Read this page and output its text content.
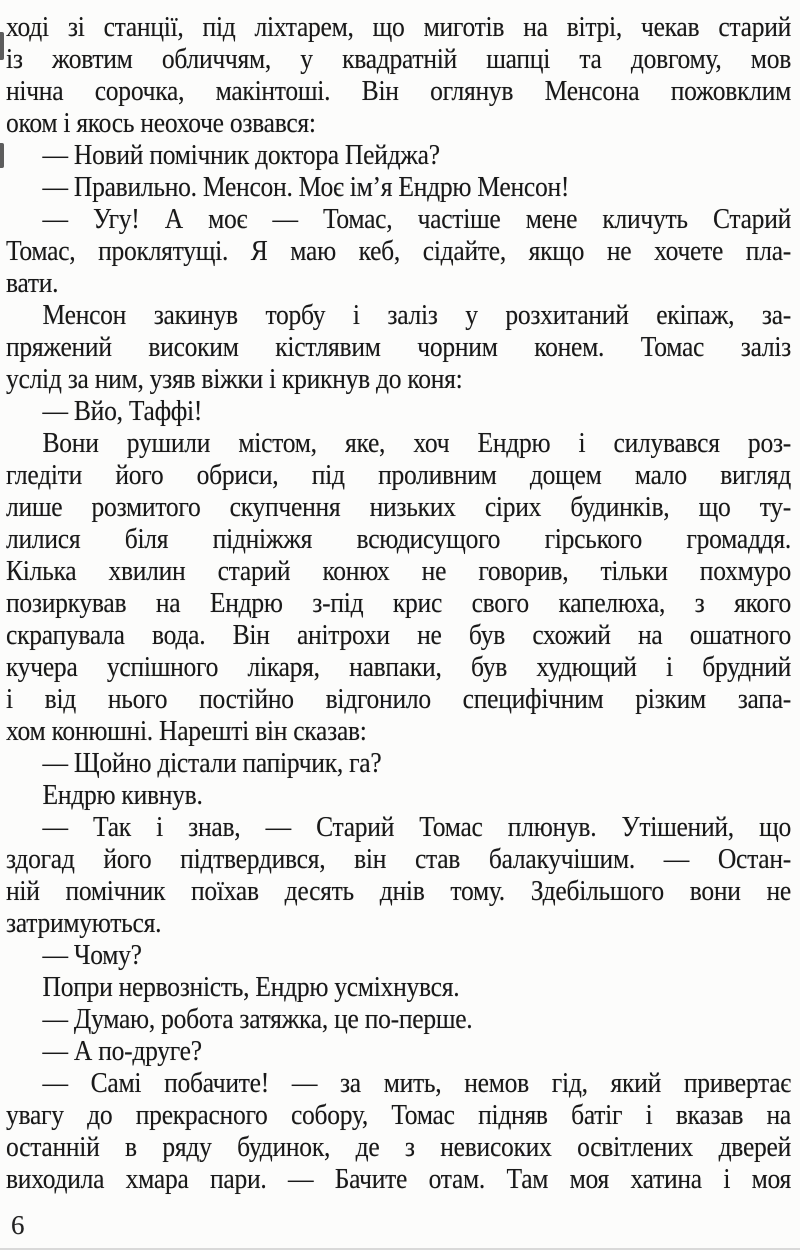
ході зі станції, під ліхтарем, що миготів на вітрі, чекав старий
із жовтим обличчям, у квадратній шапці та довгому, мов
нічна сорочка, макінтоші. Він оглянув Менсона пожовклим
оком і якось неохоче озвався:
— Новий помічник доктора Пейджа?
— Правильно. Менсон. Моє ім’я Ендрю Менсон!
— Угу! А моє — Томас, частіше мене кличуть Старий
Томас, проклятущі. Я маю кеб, сідайте, якщо не хочете пла-
вати.
Менсон закинув торбу і заліз у розхитаний екіпаж, за-
пряжений високим кістлявим чорним конем. Томас заліз
услід за ним, узяв віжки і крикнув до коня:
— Вйо, Таффі!
Вони рушили містом, яке, хоч Ендрю і силувався роз-
гледіти його обриси, під проливним дощем мало вигляд
лише розмитого скупчення низьких сірих будинків, що ту-
лилися біля підніжжя всюдисущого гірського громаддя.
Кілька хвилин старий конюх не говорив, тільки похмуро
позиркував на Ендрю з-під крис свого капелюха, з якого
скрапувала вода. Він анітрохи не був схожий на ошатного
кучера успішного лікаря, навпаки, був худющий і брудний
і від нього постійно відгонило специфічним різким запа-
хом конюшні. Нарешті він сказав:
— Щойно дістали папірчик, га?
Ендрю кивнув.
— Так і знав, — Старий Томас плюнув. Утішений, що
здогад його підтвердився, він став балакучішим. — Остан-
ній помічник поїхав десять днів тому. Здебільшого вони не
затримуються.
— Чому?
Попри нервозність, Ендрю усміхнувся.
— Думаю, робота затяжка, це по-перше.
— А по-друге?
— Самі побачите! — за мить, немов гід, який привертає
увагу до прекрасного собору, Томас підняв батіг і вказав на
останній в ряду будинок, де з невисоких освітлених дверей
виходила хмара пари. — Бачите отам. Там моя хатина і моя
6
